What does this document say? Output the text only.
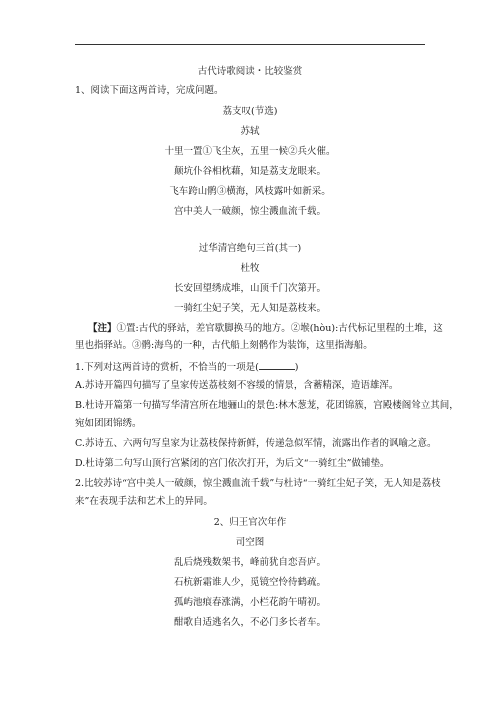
古代诗歌阅读・比较鉴赏
1、阅读下面这两首诗，完成问题。
荔支叹(节选)
苏轼
十里一置①飞尘灰，五里一候②兵火催。
颠坑仆谷相枕藉，知是荔支龙眼来。
飞车跨山鹘③横海，风枝露叶如新采。
宫中美人一破颜，惊尘溅血流千载。
过华清宫绝句三首(其一)
杜牧
长安回望绣成堆，山顶千门次第开。
一骑红尘妃子笑，无人知是荔枝来。
【注】①置:古代的驿站，差官歇脚换马的地方。②堠(hòu):古代标记里程的土堆，这
里也指驿站。③鹘:海鸟的一种，古代船上刻鹘作为装饰，这里指海船。
1.下列对这两首诗的赏析，不恰当的一项是(	)
A.苏诗开篇四句描写了皇家传送荔枝刻不容缓的情景，含蓄精深，造语雄浑。
B.杜诗开篇第一句描写华清宫所在地骊山的景色:林木葱茏，花团锦簇，宫殿楼阁耸立其间，
宛如团团锦绣。
C.苏诗五、六两句写皇家为让荔枝保持新鲜，传递急似军情，流露出作者的讽喻之意。
D.杜诗第二句写山顶行宫紧闭的宫门依次打开，为后文“一骑红尘”做铺垫。
2.比较苏诗“宫中美人一破颜，惊尘溅血流千载”与杜诗“一骑红尘妃子笑，无人知是荔枝
来”在表现手法和艺术上的异同。
2、归王官次年作
司空图
乱后烧残数架书，峰前犹自恋吾庐。
石杭新霜谁人少，觅镜空怜待鹤疏。
孤屿池痕春涨满，小栏花韵午晴初。
酣歌自适逃名久，不必门多长者车。
